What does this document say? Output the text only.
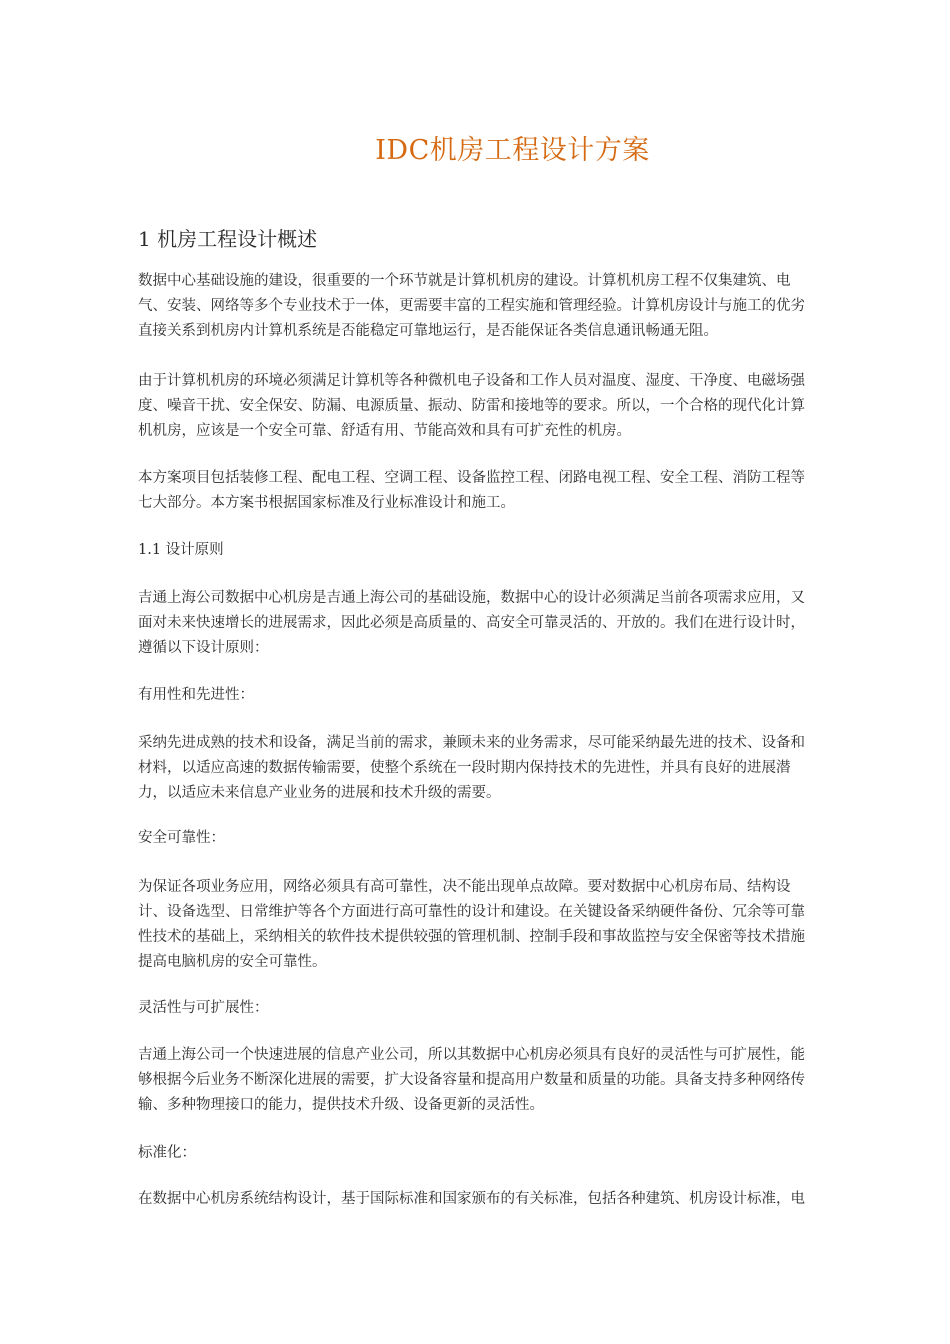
IDC机房工程设计方案
1 机房工程设计概述

数据中心基础设施的建设，很重要的一个环节就是计算机机房的建设。计算机机房工程不仅集建筑、电
气、安装、网络等多个专业技术于一体，更需要丰富的工程实施和管理经验。计算机房设计与施工的优劣
直接关系到机房内计算机系统是否能稳定可靠地运行，是否能保证各类信息通讯畅通无阻。

由于计算机机房的环境必须满足计算机等各种微机电子设备和工作人员对温度、湿度、干净度、电磁场强
度、噪音干扰、安全保安、防漏、电源质量、振动、防雷和接地等的要求。所以，一个合格的现代化计算
机机房，应该是一个安全可靠、舒适有用、节能高效和具有可扩充性的机房。

本方案项目包括装修工程、配电工程、空调工程、设备监控工程、闭路电视工程、安全工程、消防工程等
七大部分。本方案书根据国家标准及行业标准设计和施工。

1.1 设计原则

吉通上海公司数据中心机房是吉通上海公司的基础设施，数据中心的设计必须满足当前各项需求应用，又
面对未来快速增长的进展需求，因此必须是高质量的、高安全可靠灵活的、开放的。我们在进行设计时，
遵循以下设计原则：

有用性和先进性：

采纳先进成熟的技术和设备，满足当前的需求，兼顾未来的业务需求，尽可能采纳最先进的技术、设备和
材料，以适应高速的数据传输需要，使整个系统在一段时期内保持技术的先进性，并具有良好的进展潜
力，以适应未来信息产业业务的进展和技术升级的需要。

安全可靠性：

为保证各项业务应用，网络必须具有高可靠性，决不能出现单点故障。要对数据中心机房布局、结构设
计、设备选型、日常维护等各个方面进行高可靠性的设计和建设。在关键设备采纳硬件备份、冗余等可靠
性技术的基础上，采纳相关的软件技术提供较强的管理机制、控制手段和事故监控与安全保密等技术措施
提高电脑机房的安全可靠性。

灵活性与可扩展性：

吉通上海公司一个快速进展的信息产业公司，所以其数据中心机房必须具有良好的灵活性与可扩展性，能
够根据今后业务不断深化进展的需要，扩大设备容量和提高用户数量和质量的功能。具备支持多种网络传
输、多种物理接口的能力，提供技术升级、设备更新的灵活性。

标准化：

在数据中心机房系统结构设计，基于国际标准和国家颁布的有关标准，包括各种建筑、机房设计标准，电
